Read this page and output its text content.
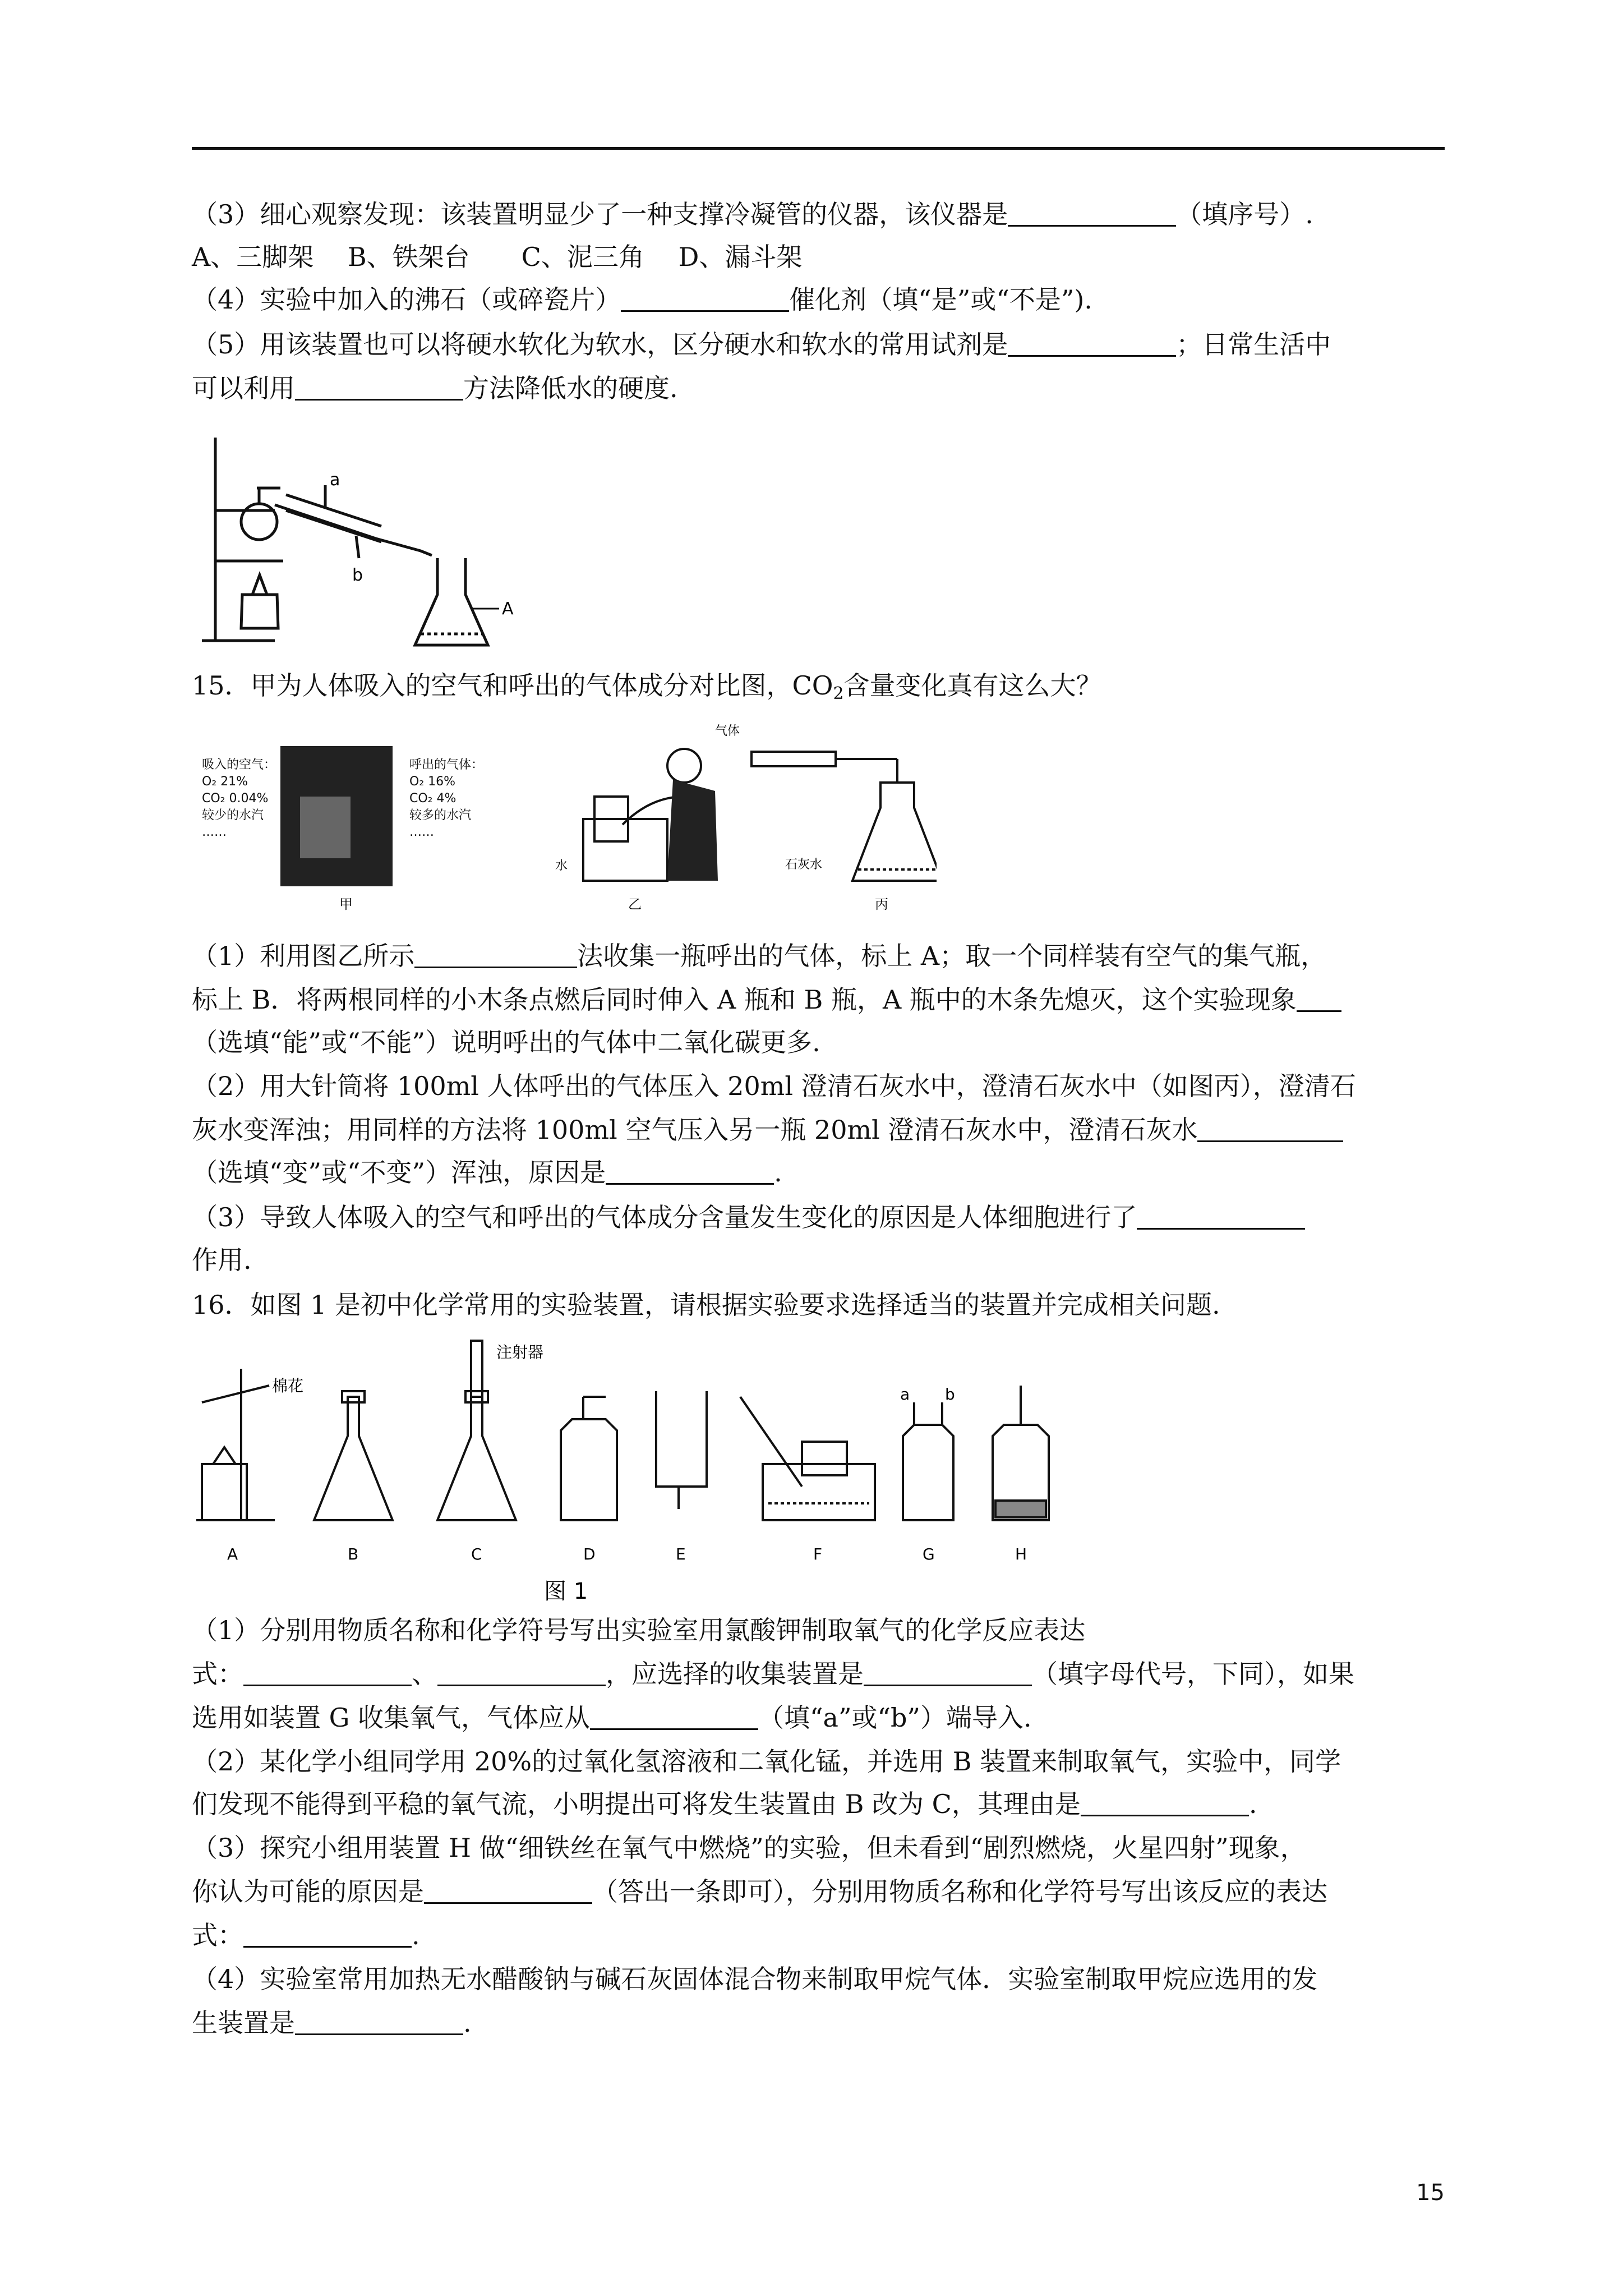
（3）细心观察发现：该装置明显少了一种支撑冷凝管的仪器，该仪器是	（填序号）.
A、三脚架　 B、铁架台　　C、泥三角　 D、漏斗架
（4）实验中加入的沸石（或碎瓷片）	催化剂（填“是”或“不是”).
（5）用该装置也可以将硬水软化为软水，区分硬水和软水的常用试剂是	；日常生活中
可以利用	方法降低水的硬度.
a
b
A
15．甲为人体吸入的空气和呼出的气体成分对比图，$CO_2$含量变化真有这么大？
吸入的空气：
O₂ 21%
CO₂ 0.04%
较少的水汽
……
呼出的气体：
O₂ 16%
CO₂ 4%
较多的水汽
……
甲
水
乙
气体
石灰水
丙
（1）利用图乙所示	法收集一瓶呼出的气体，标上 A；取一个同样装有空气的集气瓶，
标上 B．将两根同样的小木条点燃后同时伸入 A 瓶和 B 瓶，A 瓶中的木条先熄灭，这个实验现象
（选填“能”或“不能”）说明呼出的气体中二氧化碳更多.
（2）用大针筒将 100ml 人体呼出的气体压入 20ml 澄清石灰水中，澄清石灰水中（如图丙），澄清石
灰水变浑浊；用同样的方法将 100ml 空气压入另一瓶 20ml 澄清石灰水中，澄清石灰水
（选填“变”或“不变”）浑浊，原因是	.
（3）导致人体吸入的空气和呼出的气体成分含量发生变化的原因是人体细胞进行了
作用.
16．如图 1 是初中化学常用的实验装置，请根据实验要求选择适当的装置并完成相关问题.
棉花
注射器
a b
A	B	C	D	E	F	G	H
图 1
（1）分别用物质名称和化学符号写出实验室用氯酸钾制取氧气的化学反应表达
式：	、	，应选择的收集装置是	（填字母代号，下同），如果
选用如装置 G 收集氧气，气体应从	（填“a”或“b”）端导入.
（2）某化学小组同学用 20%的过氧化氢溶液和二氧化锰，并选用 B 装置来制取氧气，实验中，同学
们发现不能得到平稳的氧气流，小明提出可将发生装置由 B 改为 C，其理由是	.
（3）探究小组用装置 H 做“细铁丝在氧气中燃烧”的实验，但未看到“剧烈燃烧，火星四射”现象，
你认为可能的原因是	（答出一条即可），分别用物质名称和化学符号写出该反应的表达
式：	.
（4）实验室常用加热无水醋酸钠与碱石灰固体混合物来制取甲烷气体．实验室制取甲烷应选用的发
生装置是	.
15
